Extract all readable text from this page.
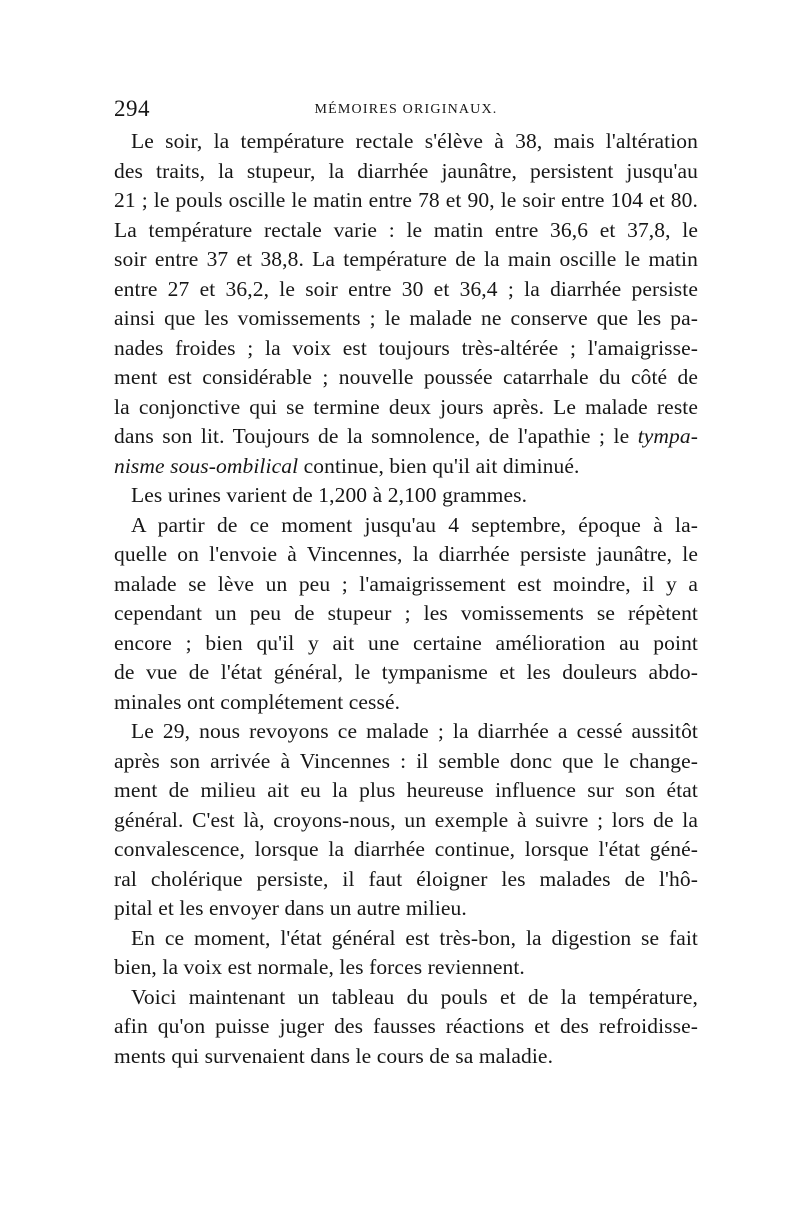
294	MÉMOIRES ORIGINAUX.
Le soir, la température rectale s'élève à 38, mais l'altération
des traits, la stupeur, la diarrhée jaunâtre, persistent jusqu'au
21 ; le pouls oscille le matin entre 78 et 90, le soir entre 104 et 80.
La température rectale varie : le matin entre 36,6 et 37,8, le
soir entre 37 et 38,8. La température de la main oscille le matin
entre 27 et 36,2, le soir entre 30 et 36,4 ; la diarrhée persiste
ainsi que les vomissements ; le malade ne conserve que les pa-
nades froides ; la voix est toujours très-altérée ; l'amaigrisse-
ment est considérable ; nouvelle poussée catarrhale du côté de
la conjonctive qui se termine deux jours après. Le malade reste
dans son lit. Toujours de la somnolence, de l'apathie ; le tympa-
nisme sous-ombilical continue, bien qu'il ait diminué.
Les urines varient de 1,200 à 2,100 grammes.
A partir de ce moment jusqu'au 4 septembre, époque à la-
quelle on l'envoie à Vincennes, la diarrhée persiste jaunâtre, le
malade se lève un peu ; l'amaigrissement est moindre, il y a
cependant un peu de stupeur ; les vomissements se répètent
encore ; bien qu'il y ait une certaine amélioration au point
de vue de l'état général, le tympanisme et les douleurs abdo-
minales ont complétement cessé.
Le 29, nous revoyons ce malade ; la diarrhée a cessé aussitôt
après son arrivée à Vincennes : il semble donc que le change-
ment de milieu ait eu la plus heureuse influence sur son état
général. C'est là, croyons-nous, un exemple à suivre ; lors de la
convalescence, lorsque la diarrhée continue, lorsque l'état géné-
ral cholérique persiste, il faut éloigner les malades de l'hô-
pital et les envoyer dans un autre milieu.
En ce moment, l'état général est très-bon, la digestion se fait
bien, la voix est normale, les forces reviennent.
Voici maintenant un tableau du pouls et de la température,
afin qu'on puisse juger des fausses réactions et des refroidisse-
ments qui survenaient dans le cours de sa maladie.
